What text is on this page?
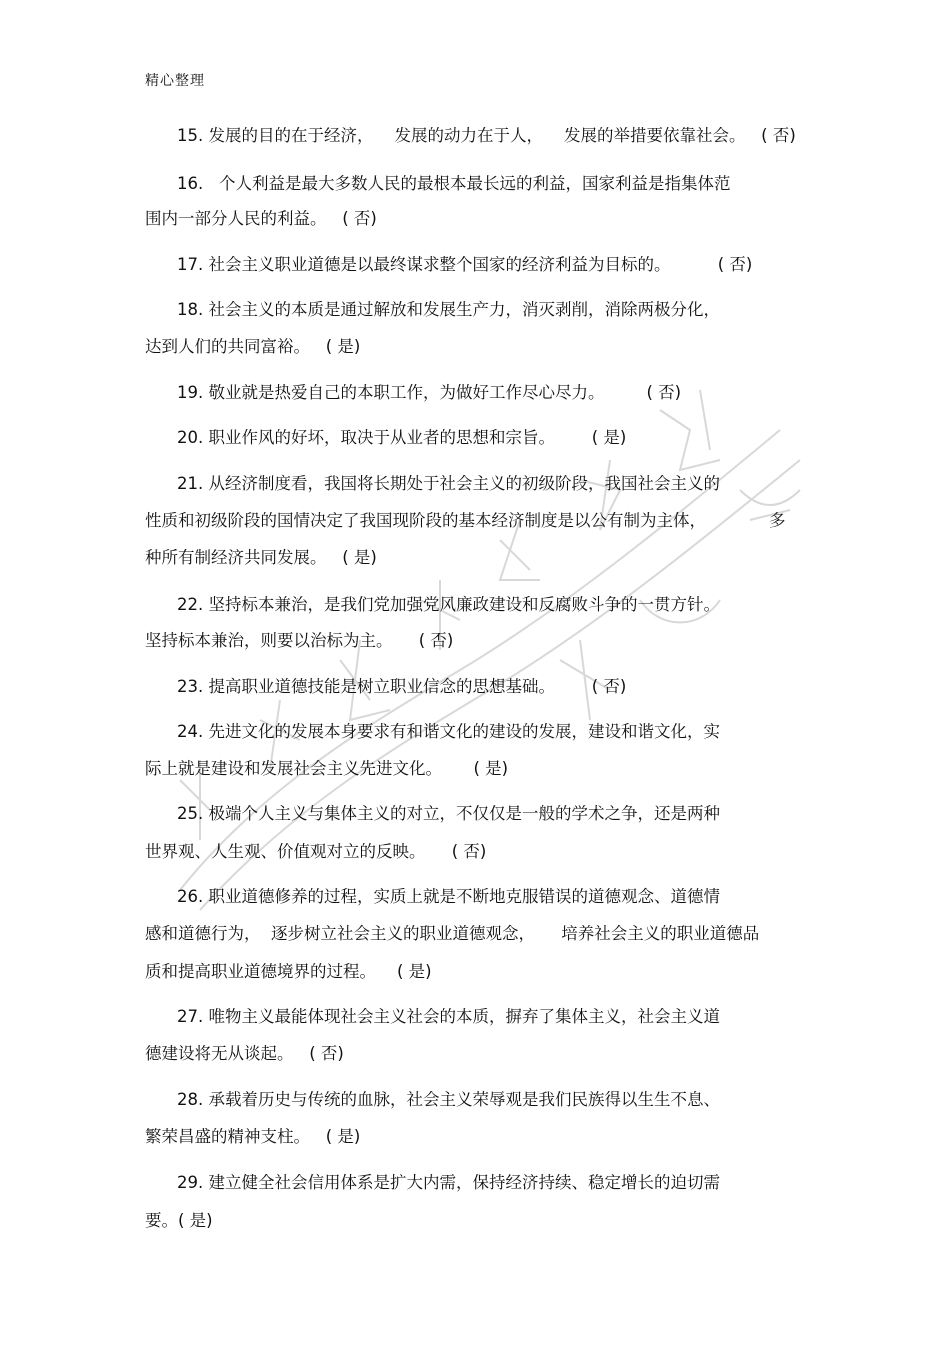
精心整理
15. 发展的目的在于经济，    发展的动力在于人，    发展的举措要依靠社会。   ( 否)
16.   个人利益是最大多数人民的最根本最长远的利益，国家利益是指集体范
围内一部分人民的利益。   ( 否)
17. 社会主义职业道德是以最终谋求整个国家的经济利益为目标的。         ( 否)
18. 社会主义的本质是通过解放和发展生产力，消灭剥削，消除两极分化，
达到人们的共同富裕。   ( 是)
19. 敬业就是热爱自己的本职工作，为做好工作尽心尽力。        ( 否)
20. 职业作风的好坏，取决于从业者的思想和宗旨。       ( 是)
21. 从经济制度看，我国将长期处于社会主义的初级阶段，我国社会主义的
性质和初级阶段的国情决定了我国现阶段的基本经济制度是以公有制为主体，            多
种所有制经济共同发展。   ( 是)
22. 坚持标本兼治，是我们党加强党风廉政建设和反腐败斗争的一贯方针。
坚持标本兼治，则要以治标为主。     ( 否)
23. 提高职业道德技能是树立职业信念的思想基础。       ( 否)
24. 先进文化的发展本身要求有和谐文化的建设的发展，建设和谐文化，实
际上就是建设和发展社会主义先进文化。      ( 是)
25. 极端个人主义与集体主义的对立，不仅仅是一般的学术之争，还是两种
世界观、人生观、价值观对立的反映。     ( 否)
26. 职业道德修养的过程，实质上就是不断地克服错误的道德观念、道德情
感和道德行为，  逐步树立社会主义的职业道德观念，     培养社会主义的职业道德品
质和提高职业道德境界的过程。    ( 是)
27. 唯物主义最能体现社会主义社会的本质，摒弃了集体主义，社会主义道
德建设将无从谈起。   ( 否)
28. 承载着历史与传统的血脉，社会主义荣辱观是我们民族得以生生不息、
繁荣昌盛的精神支柱。   ( 是)
29. 建立健全社会信用体系是扩大内需，保持经济持续、稳定增长的迫切需
要。( 是)
